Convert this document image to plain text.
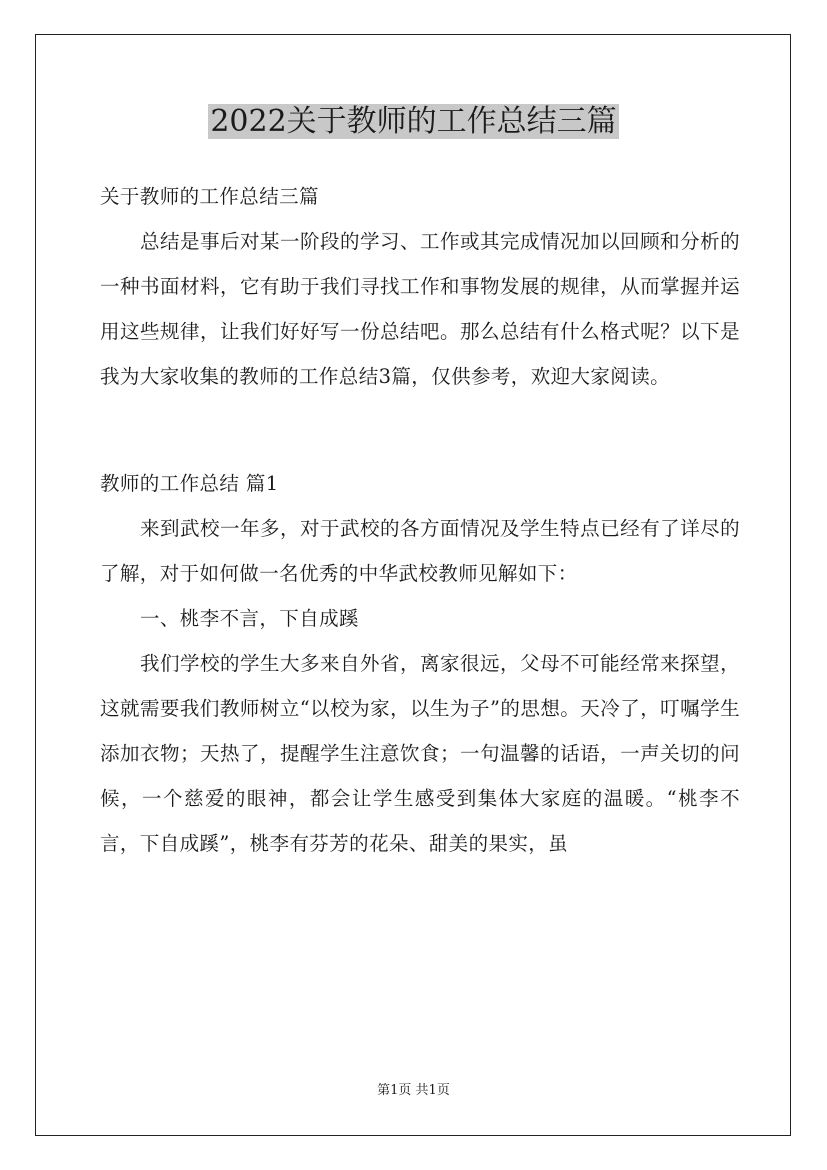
2022关于教师的工作总结三篇

关于教师的工作总结三篇

总结是事后对某一阶段的学习、工作或其完成情况加以回顾和分析的一种书面材料，它有助于我们寻找工作和事物发展的规律，从而掌握并运用这些规律，让我们好好写一份总结吧。那么总结有什么格式呢？以下是我为大家收集的教师的工作总结3篇，仅供参考，欢迎大家阅读。

教师的工作总结 篇1

来到武校一年多，对于武校的各方面情况及学生特点已经有了详尽的了解，对于如何做一名优秀的中华武校教师见解如下：

一、桃李不言，下自成蹊

我们学校的学生大多来自外省，离家很远，父母不可能经常来探望，这就需要我们教师树立“以校为家，以生为子”的思想。天冷了，叮嘱学生添加衣物；天热了，提醒学生注意饮食；一句温馨的话语，一声关切的问候，一个慈爱的眼神，都会让学生感受到集体大家庭的温暖。“桃李不言，下自成蹊”，桃李有芬芳的花朵、甜美的果实，虽

第1页 共1页
